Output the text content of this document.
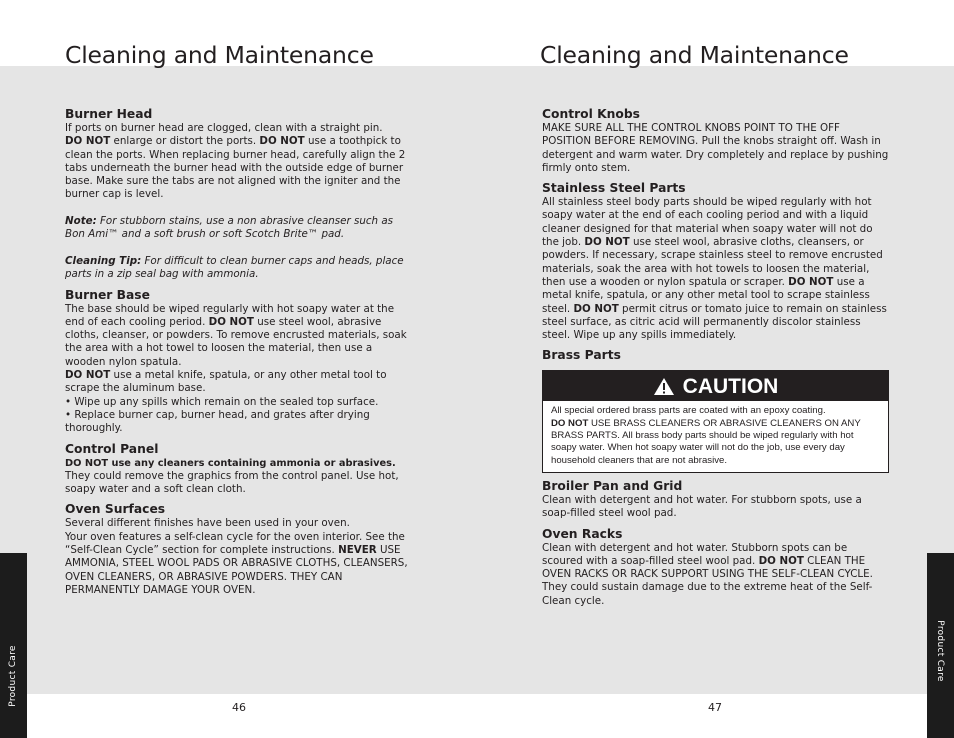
Cleaning and Maintenance	Cleaning and Maintenance
Burner Head

If ports on burner head are clogged, clean with a straight pin.

DO NOT enlarge or distort the ports. DO NOT use a toothpick to clean the ports. When replacing burner head, carefully align the 2 tabs underneath the burner head with the outside edge of burner base. Make sure the tabs are not aligned with the igniter and the burner cap is level.

Note: For stubborn stains, use a non abrasive cleanser such as Bon Ami™ and a soft brush or soft Scotch Brite™ pad.

Cleaning Tip: For difficult to clean burner caps and heads, place parts in a zip seal bag with ammonia.

Burner Base

The base should be wiped regularly with hot soapy water at the end of each cooling period. DO NOT use steel wool, abrasive cloths, cleanser, or powders. To remove encrusted materials, soak the area with a hot towel to loosen the material, then use a wooden nylon spatula.

DO NOT use a metal knife, spatula, or any other metal tool to scrape the aluminum base.

• Wipe up any spills which remain on the sealed top surface.

• Replace burner cap, burner head, and grates after drying thoroughly.

Control Panel

DO NOT use any cleaners containing ammonia or abrasives. They could remove the graphics from the control panel. Use hot, soapy water and a soft clean cloth.

Oven Surfaces

Several different finishes have been used in your oven.

Your oven features a self-clean cycle for the oven interior. See the “Self-Clean Cycle” section for complete instructions. NEVER USE AMMONIA, STEEL WOOL PADS OR ABRASIVE CLOTHS, CLEANSERS, OVEN CLEANERS, OR ABRASIVE POWDERS. THEY CAN PERMANENTLY DAMAGE YOUR OVEN.

Control Knobs

MAKE SURE ALL THE CONTROL KNOBS POINT TO THE OFF POSITION BEFORE REMOVING. Pull the knobs straight off. Wash in detergent and warm water. Dry completely and replace by pushing firmly onto stem.

Stainless Steel Parts

All stainless steel body parts should be wiped regularly with hot soapy water at the end of each cooling period and with a liquid cleaner designed for that material when soapy water will not do the job. DO NOT use steel wool, abrasive cloths, cleansers, or powders. If necessary, scrape stainless steel to remove encrusted materials, soak the area with hot towels to loosen the material, then use a wooden or nylon spatula or scraper. DO NOT use a metal knife, spatula, or any other metal tool to scrape stainless steel. DO NOT permit citrus or tomato juice to remain on stainless steel surface, as citric acid will permanently discolor stainless steel. Wipe up any spills immediately.

Brass Parts
CAUTION

All special ordered brass parts are coated with an epoxy coating.

DO NOT USE BRASS CLEANERS OR ABRASIVE CLEANERS ON ANY BRASS PARTS. All brass body parts should be wiped regularly with hot soapy water. When hot soapy water will not do the job, use every day household cleaners that are not abrasive.

Broiler Pan and Grid

Clean with detergent and hot water. For stubborn spots, use a soap-filled steel wool pad.

Oven Racks

Clean with detergent and hot water. Stubborn spots can be scoured with a soap-filled steel wool pad. DO NOT CLEAN THE OVEN RACKS OR RACK SUPPORT USING THE SELF-CLEAN CYCLE. They could sustain damage due to the extreme heat of the Self-Clean cycle.

Product Care	Product Care
46	47
